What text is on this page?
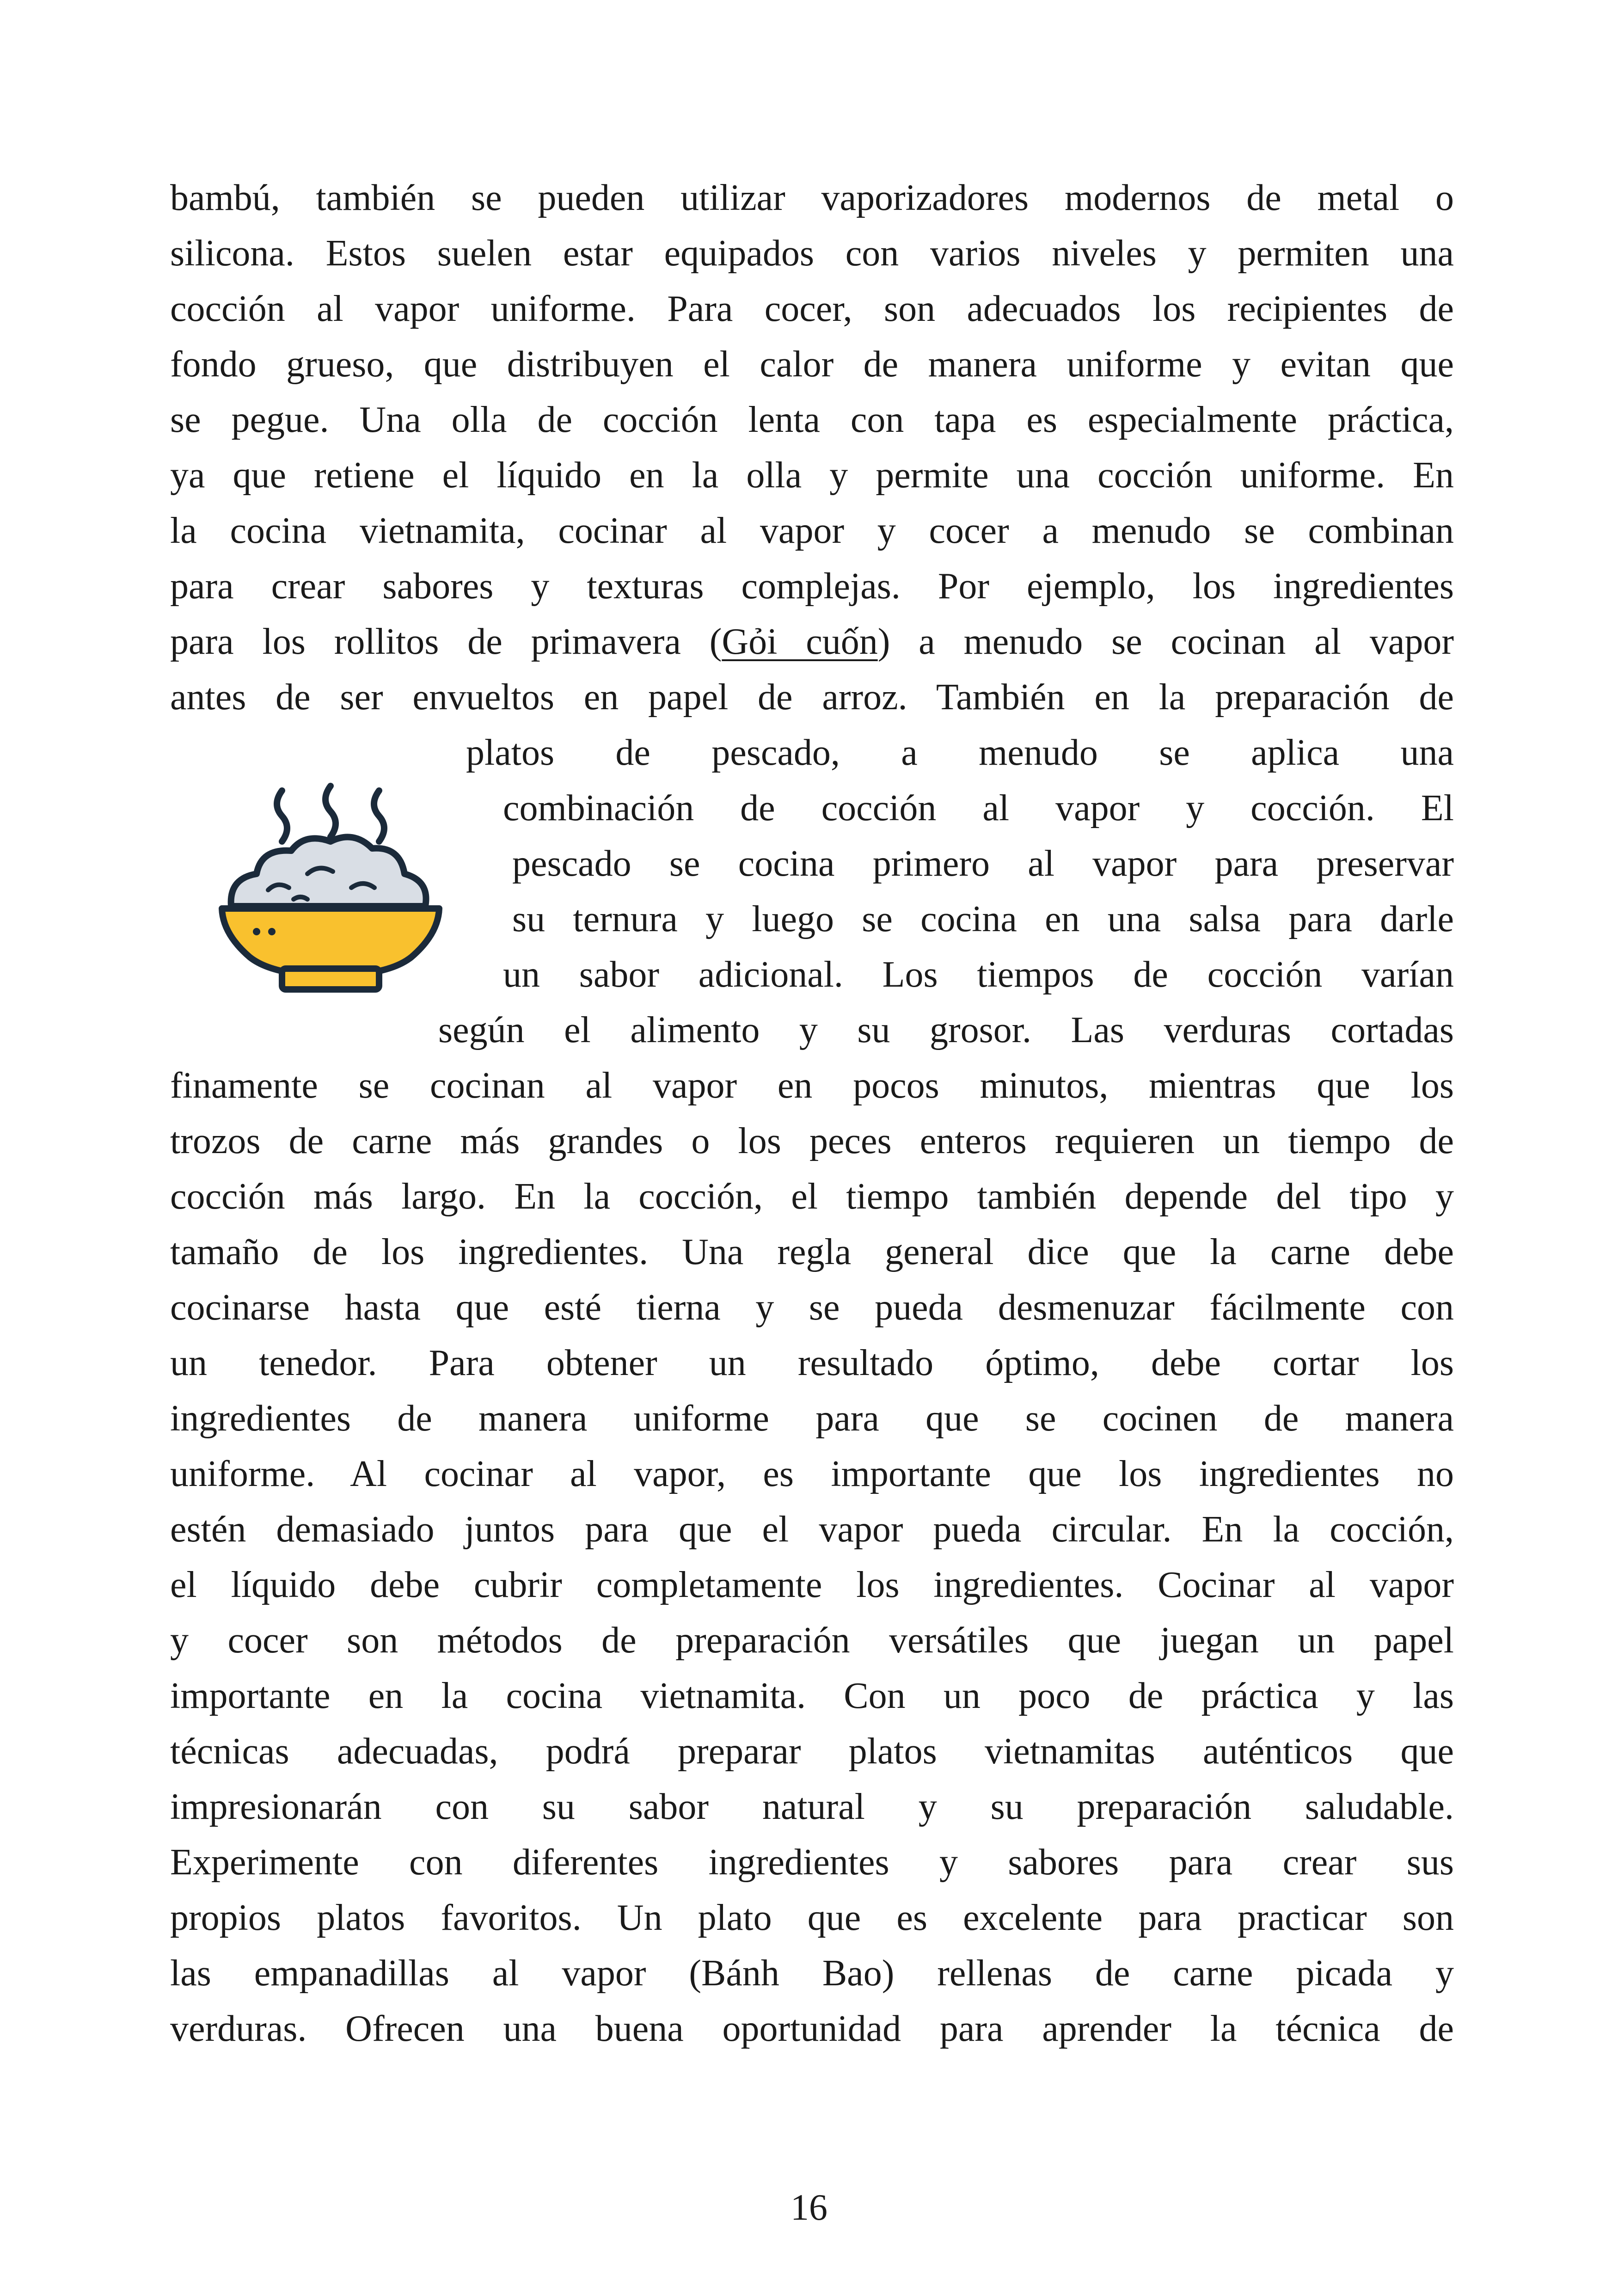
bambú, también se pueden utilizar vaporizadores modernos de metal o
silicona. Estos suelen estar equipados con varios niveles y permiten una
cocción al vapor uniforme. Para cocer, son adecuados los recipientes de
fondo grueso, que distribuyen el calor de manera uniforme y evitan que
se pegue. Una olla de cocción lenta con tapa es especialmente práctica,
ya que retiene el líquido en la olla y permite una cocción uniforme. En
la cocina vietnamita, cocinar al vapor y cocer a menudo se combinan
para crear sabores y texturas complejas. Por ejemplo, los ingredientes
para los rollitos de primavera (Gỏi cuốn) a menudo se cocinan al vapor
antes de ser envueltos en papel de arroz. También en la preparación de
platos de pescado, a menudo se aplica una
combinación de cocción al vapor y cocción. El
pescado se cocina primero al vapor para preservar
su ternura y luego se cocina en una salsa para darle
un sabor adicional. Los tiempos de cocción varían
según el alimento y su grosor. Las verduras cortadas
finamente se cocinan al vapor en pocos minutos, mientras que los
trozos de carne más grandes o los peces enteros requieren un tiempo de
cocción más largo. En la cocción, el tiempo también depende del tipo y
tamaño de los ingredientes. Una regla general dice que la carne debe
cocinarse hasta que esté tierna y se pueda desmenuzar fácilmente con
un tenedor. Para obtener un resultado óptimo, debe cortar los
ingredientes de manera uniforme para que se cocinen de manera
uniforme. Al cocinar al vapor, es importante que los ingredientes no
estén demasiado juntos para que el vapor pueda circular. En la cocción,
el líquido debe cubrir completamente los ingredientes. Cocinar al vapor
y cocer son métodos de preparación versátiles que juegan un papel
importante en la cocina vietnamita. Con un poco de práctica y las
técnicas adecuadas, podrá preparar platos vietnamitas auténticos que
impresionarán con su sabor natural y su preparación saludable.
Experimente con diferentes ingredientes y sabores para crear sus
propios platos favoritos. Un plato que es excelente para practicar son
las empanadillas al vapor (Bánh Bao) rellenas de carne picada y
verduras. Ofrecen una buena oportunidad para aprender la técnica de
16
